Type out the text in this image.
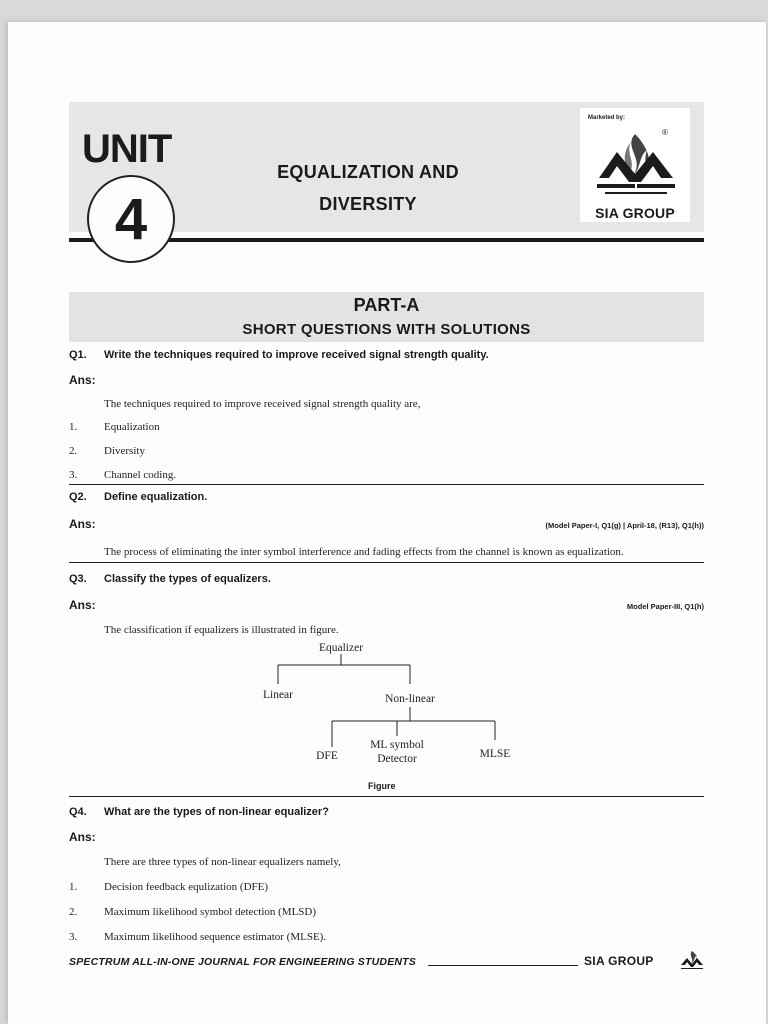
UNIT
4
EQUALIZATION AND
DIVERSITY
Marketed by:
®
SIA GROUP
PART-A
SHORT QUESTIONS WITH SOLUTIONS
Q1. Write the techniques required to improve received signal strength quality.
Ans:
The techniques required to improve received signal strength quality are,
1. Equalization
2. Diversity
3. Channel coding.
Q2. Define equalization.
Ans:	(Model Paper-I, Q1(g) | April-18, (R13), Q1(h))
The process of eliminating the inter symbol interference and fading effects from the channel is known as equalization.
Q3. Classify the types of equalizers.
Ans:	Model Paper-III, Q1(h)
The classification if equalizers is illustrated in figure.
Equalizer
Linear	Non-linear
DFE
ML symbol
Detector	MLSE
Figure
Q4. What are the types of non-linear equalizer?
Ans:
There are three types of non-linear equalizers namely,
1. Decision feedback equlization (DFE)
2. Maximum likelihood symbol detection (MLSD)
3. Maximum likelihood sequence estimator (MLSE).
SPECTRUM ALL-IN-ONE JOURNAL FOR ENGINEERING STUDENTS	SIA GROUP
